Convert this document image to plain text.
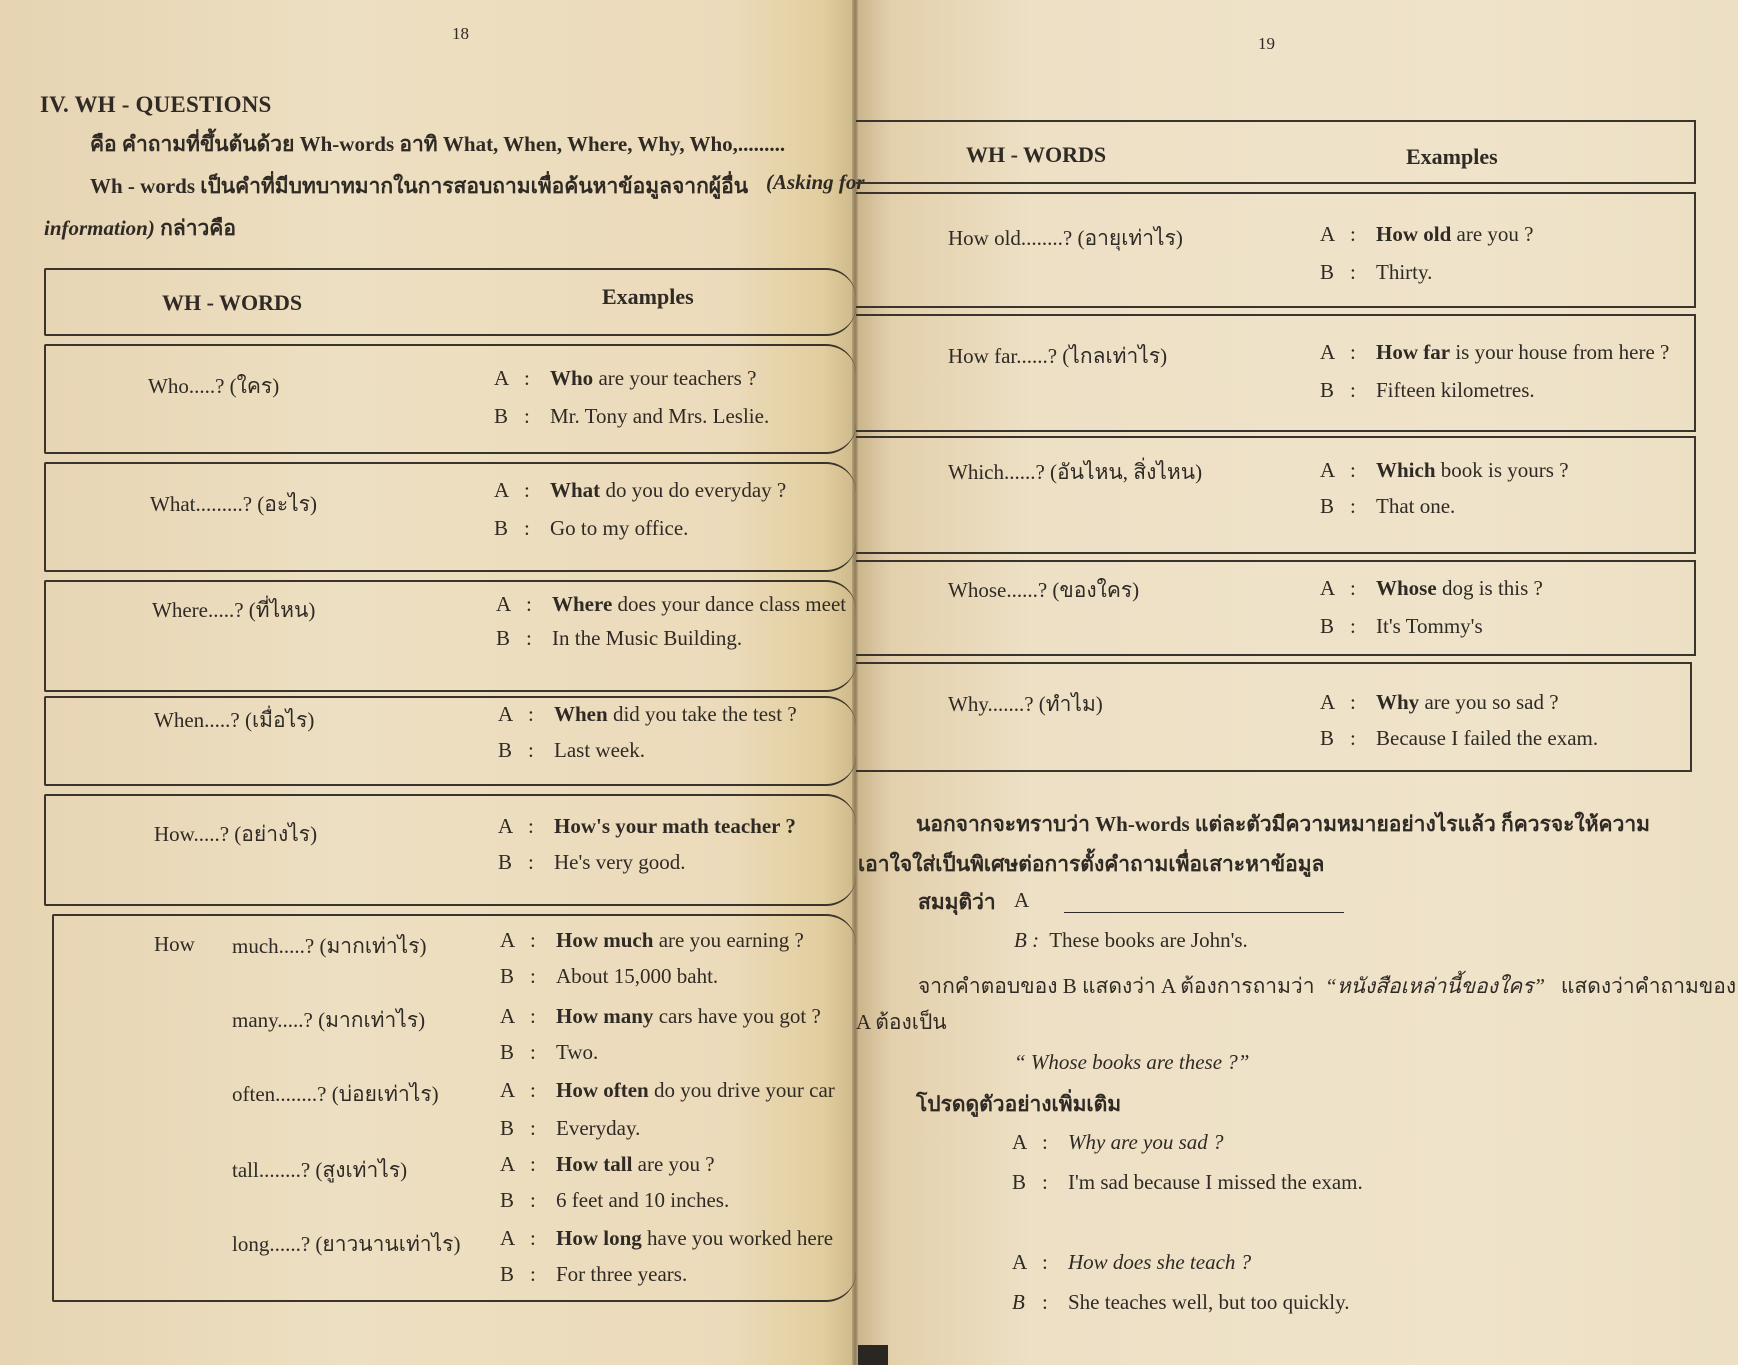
18
IV. WH - QUESTIONS
คือ คำถามที่ขึ้นต้นด้วย Wh-words อาทิ What, When, Where, Why, Who,.........
Wh - words เป็นคำที่มีบทบาทมากในการสอบถามเพื่อค้นหาข้อมูลจากผู้อื่น (Asking for
information) กล่าวคือ
WH - WORDS	Examples
Who.....? (ใคร)	A : Who are your teachers ?
B : Mr. Tony and Mrs. Leslie.
What.........? (อะไร)
A : What do you do everyday ?
B : Go to my office.
Where.....? (ที่ไหน)	A : Where does your dance class meet
B : In the Music Building.
When.....? (เมื่อไร)	A : When did you take the test ?
B : Last week.
How.....? (อย่างไร)	A : How's your math teacher ?
B : He's very good.
How much.....? (มากเท่าไร)	A : How much are you earning ?
B : About 15,000 baht.
many.....? (มากเท่าไร)	A : How many cars have you got ?
B : Two.
often........? (บ่อยเท่าไร)	A : How often do you drive your car
B : Everyday.
tall........? (สูงเท่าไร)	A : How tall are you ?
B : 6 feet and 10 inches.
long......? (ยาวนานเท่าไร) A : How long have you worked here
B : For three years.
19
WH - WORDS	Examples
How old........? (อายุเท่าไร)	A : How old are you ?
B : Thirty.
How far......? (ไกลเท่าไร)	A : How far is your house from here ?
B : Fifteen kilometres.
Which......? (อันไหน, สิ่งไหน)	A : Which book is yours ?
B : That one.
Whose......? (ของใคร)	A : Whose dog is this ?
B : It's Tommy's
Why.......? (ทำไม)	A : Why are you so sad ?
B : Because I failed the exam.
นอกจากจะทราบว่า Wh-words แต่ละตัวมีความหมายอย่างไรแล้ว ก็ควรจะให้ความ
เอาใจใส่เป็นพิเศษต่อการตั้งคำถามเพื่อเสาะหาข้อมูล
สมมุติว่า A
B : These books are John's.
จากคำตอบของ B แสดงว่า A ต้องการถามว่า “หนังสือเหล่านี้ของใคร” แสดงว่าคำถามของ
A ต้องเป็น
“ Whose books are these ?”
โปรดดูตัวอย่างเพิ่มเติม
A : Why are you sad ?
B : I'm sad because I missed the exam.
A : How does she teach ?
B : She teaches well, but too quickly.
